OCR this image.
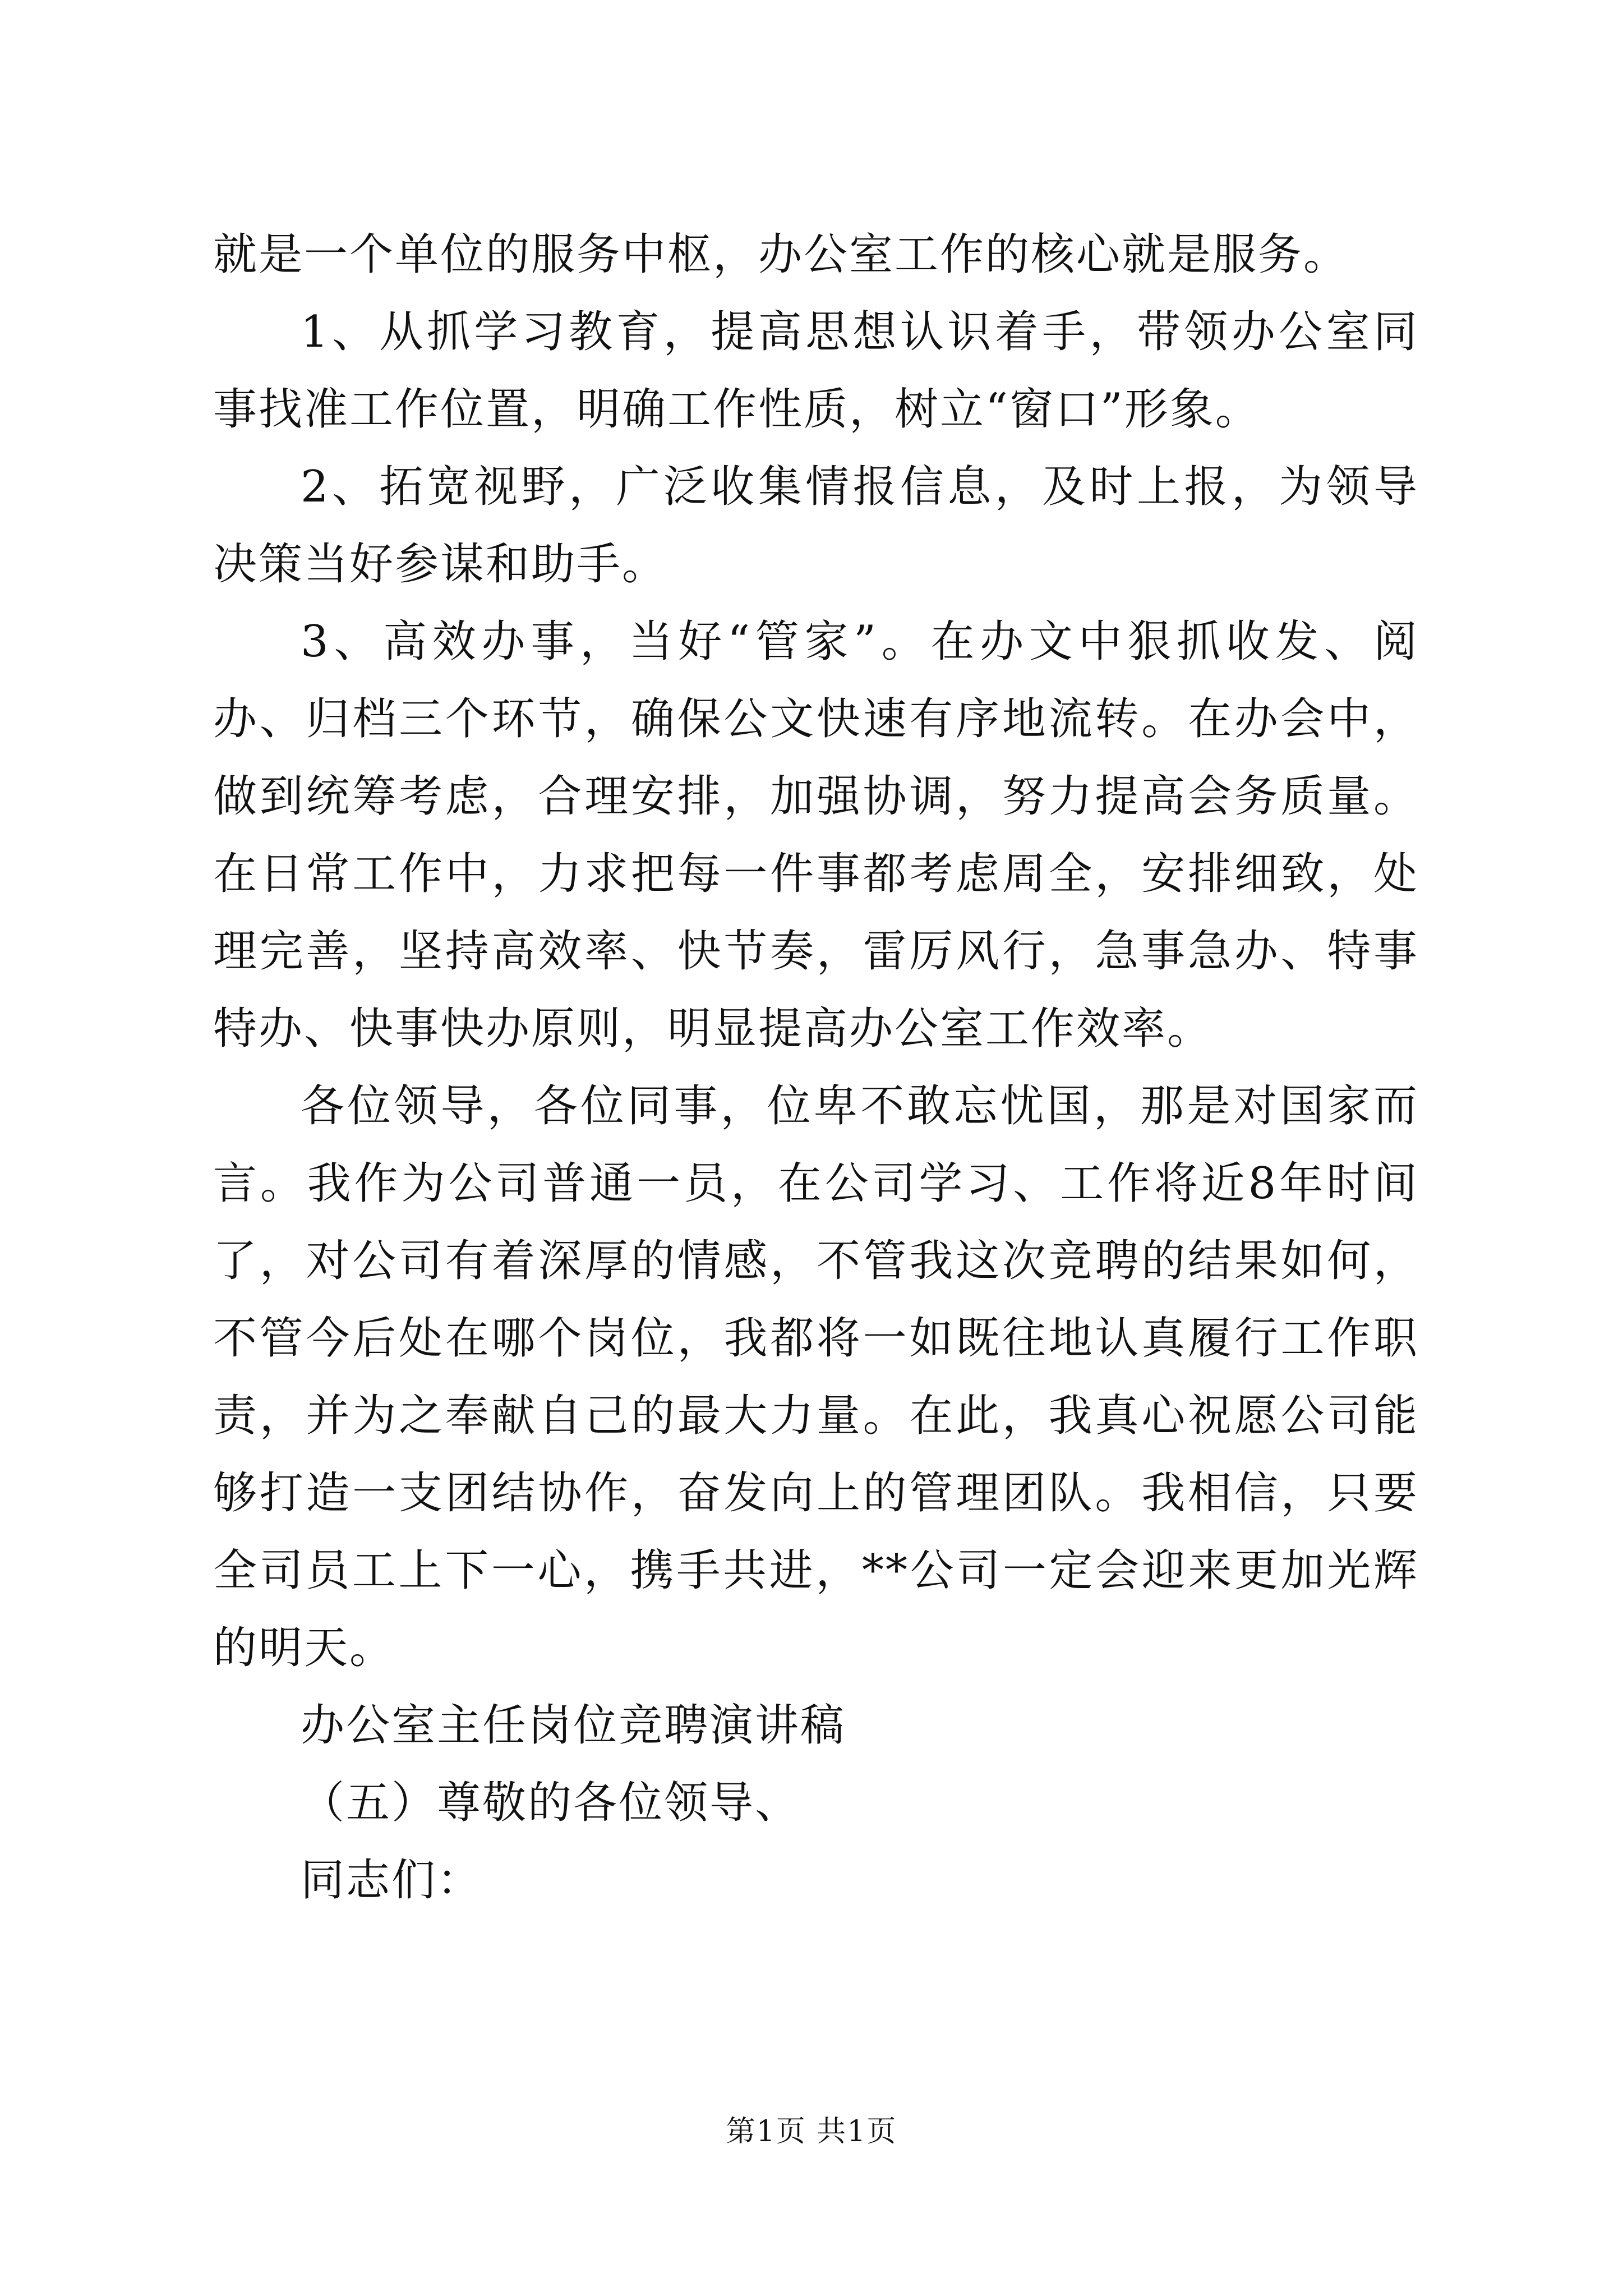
就是一个单位的服务中枢，办公室工作的核心就是服务。

1、从抓学习教育，提高思想认识着手，带领办公室同事找准工作位置，明确工作性质，树立“窗口”形象。

2、拓宽视野，广泛收集情报信息，及时上报，为领导决策当好参谋和助手。

3、高效办事，当好“管家”。在办文中狠抓收发、阅办、归档三个环节，确保公文快速有序地流转。在办会中，做到统筹考虑，合理安排，加强协调，努力提高会务质量。在日常工作中，力求把每一件事都考虑周全，安排细致，处理完善，坚持高效率、快节奏，雷厉风行，急事急办、特事特办、快事快办原则，明显提高办公室工作效率。

各位领导，各位同事，位卑不敢忘忧国，那是对国家而言。我作为公司普通一员，在公司学习、工作将近8年时间了，对公司有着深厚的情感，不管我这次竞聘的结果如何，不管今后处在哪个岗位，我都将一如既往地认真履行工作职责，并为之奉献自己的最大力量。在此，我真心祝愿公司能够打造一支团结协作，奋发向上的管理团队。我相信，只要全司员工上下一心，携手共进，**公司一定会迎来更加光辉的明天。

办公室主任岗位竞聘演讲稿

（五）尊敬的各位领导、

同志们：

第1页 共1页
